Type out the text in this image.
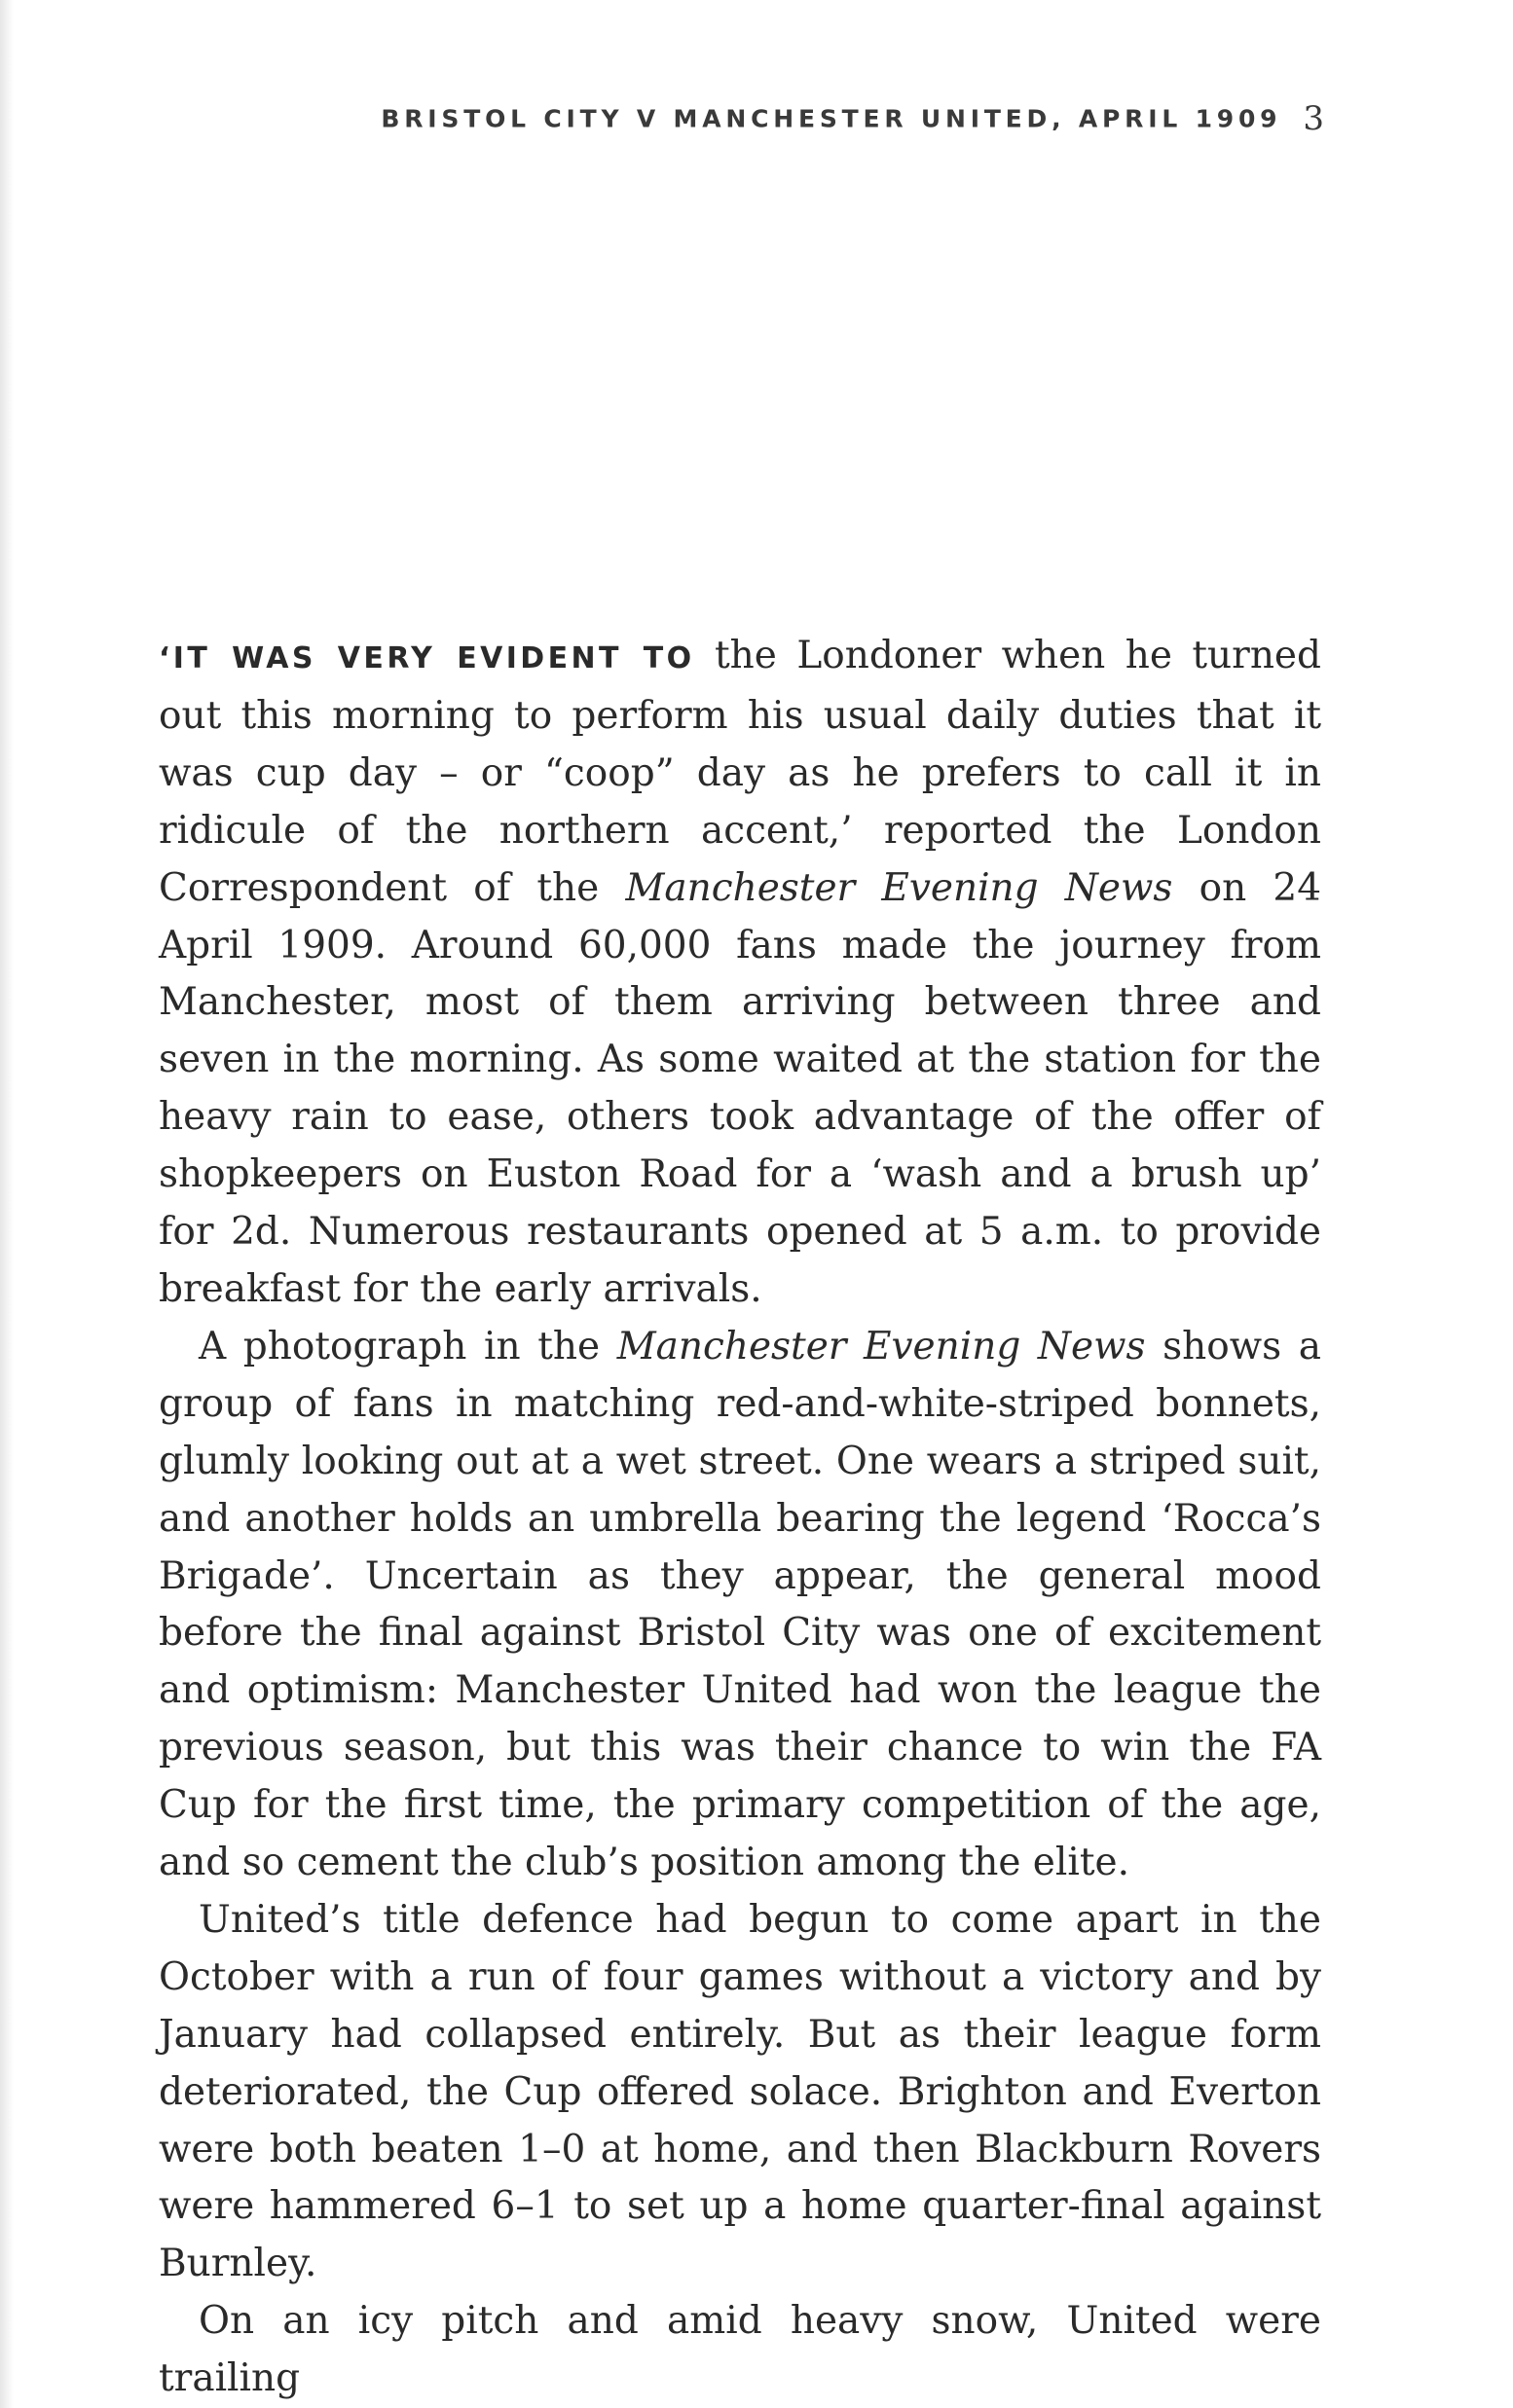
BRISTOL CITY V MANCHESTER UNITED, APRIL 1909 3

‘IT WAS VERY EVIDENT TO the Londoner when he turned out this morning to perform his usual daily duties that it was cup day – or “coop” day as he prefers to call it in ridicule of the northern accent,’ reported the London Correspondent of the Manchester Evening News on 24 April 1909. Around 60,000 fans made the journey from Manchester, most of them arriving between three and seven in the morning. As some waited at the station for the heavy rain to ease, others took advantage of the offer of shopkeepers on Euston Road for a ‘wash and a brush up’ for 2d. Numerous restaurants opened at 5 a.m. to provide breakfast for the early arrivals.

A photograph in the Manchester Evening News shows a group of fans in matching red-and-white-striped bonnets, glumly looking out at a wet street. One wears a striped suit, and another holds an umbrella bearing the legend ‘Rocca’s Brigade’. Uncertain as they appear, the general mood before the final against Bristol City was one of excitement and optimism: Manchester United had won the league the previous season, but this was their chance to win the FA Cup for the first time, the primary competition of the age, and so cement the club’s position among the elite.

United’s title defence had begun to come apart in the October with a run of four games without a victory and by January had collapsed entirely. But as their league form deteriorated, the Cup offered solace. Brighton and Everton were both beaten 1–0 at home, and then Blackburn Rovers were hammered 6–1 to set up a home quarter-final against Burnley.

On an icy pitch and amid heavy snow, United were trailing
